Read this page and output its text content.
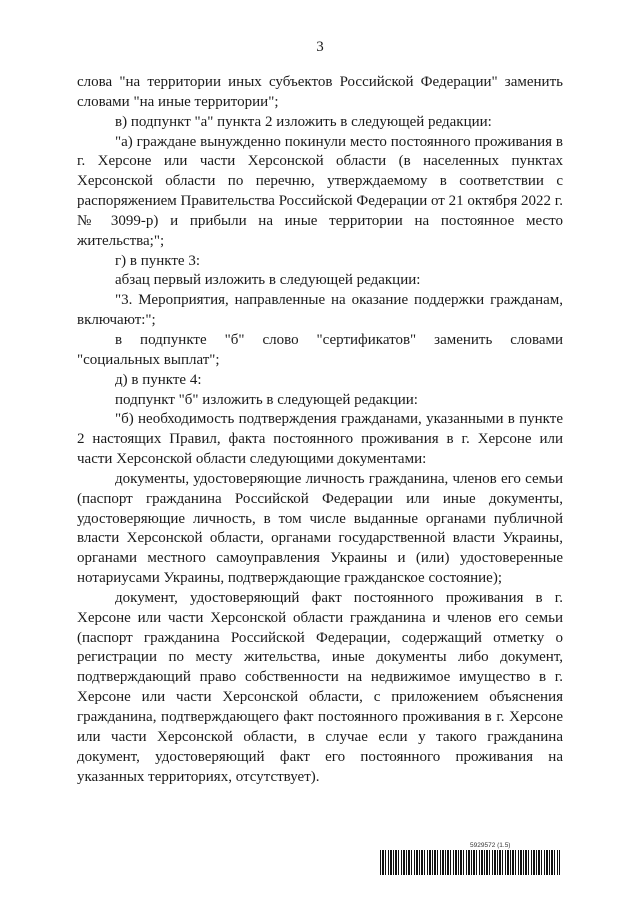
3

слова "на территории иных субъектов Российской Федерации" заменить словами "на иные территории";

в) подпункт "а" пункта 2 изложить в следующей редакции:

"а) граждане вынужденно покинули место постоянного проживания в г. Херсоне или части Херсонской области (в населенных пунктах Херсонской области по перечню, утверждаемому в соответствии с распоряжением Правительства Российской Федерации от 21 октября 2022 г. № 3099-р) и прибыли на иные территории на постоянное место жительства;";

г) в пункте 3:

абзац первый изложить в следующей редакции:

"3. Мероприятия, направленные на оказание поддержки гражданам, включают:";

в подпункте "б" слово "сертификатов" заменить словами "социальных выплат";

д) в пункте 4:

подпункт "б" изложить в следующей редакции:

"б) необходимость подтверждения гражданами, указанными в пункте 2 настоящих Правил, факта постоянного проживания в г. Херсоне или части Херсонской области следующими документами:

документы, удостоверяющие личность гражданина, членов его семьи (паспорт гражданина Российской Федерации или иные документы, удостоверяющие личность, в том числе выданные органами публичной власти Херсонской области, органами государственной власти Украины, органами местного самоуправления Украины и (или) удостоверенные нотариусами Украины, подтверждающие гражданское состояние);

документ, удостоверяющий факт постоянного проживания в г. Херсоне или части Херсонской области гражданина и членов его семьи (паспорт гражданина Российской Федерации, содержащий отметку о регистрации по месту жительства, иные документы либо документ, подтверждающий право собственности на недвижимое имущество в г. Херсоне или части Херсонской области, с приложением объяснения гражданина, подтверждающего факт постоянного проживания в г. Херсоне или части Херсонской области, в случае если у такого гражданина документ, удостоверяющий факт его постоянного проживания на указанных территориях, отсутствует).

5929572 (1.5)
